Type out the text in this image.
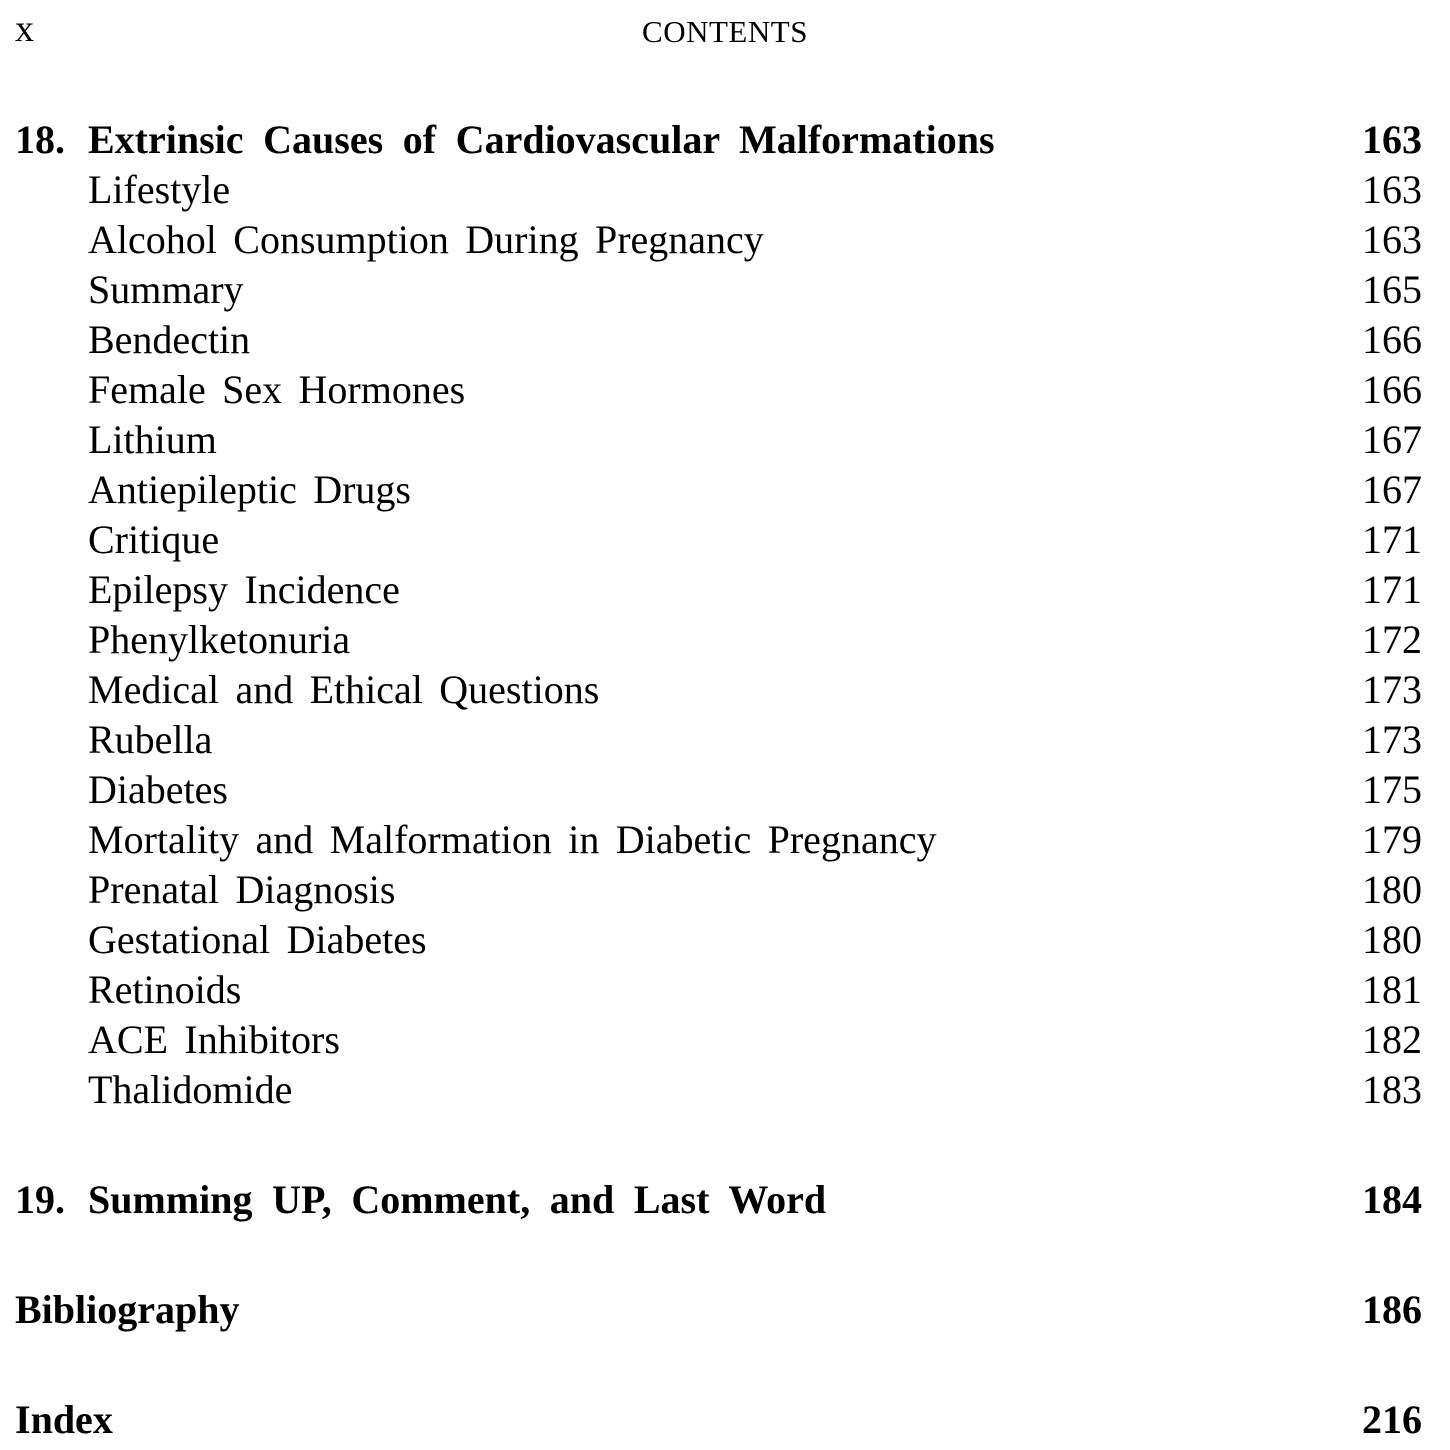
x	CONTENTS
18. Extrinsic Causes of Cardiovascular Malformations	163
Lifestyle	163
Alcohol Consumption During Pregnancy	163
Summary	165
Bendectin	166
Female Sex Hormones	166
Lithium	167
Antiepileptic Drugs	167
Critique	171
Epilepsy Incidence	171
Phenylketonuria	172
Medical and Ethical Questions	173
Rubella	173
Diabetes	175
Mortality and Malformation in Diabetic Pregnancy	179
Prenatal Diagnosis	180
Gestational Diabetes	180
Retinoids	181
ACE Inhibitors	182
Thalidomide	183
19. Summing UP, Comment, and Last Word	184
Bibliography	186
Index	216
